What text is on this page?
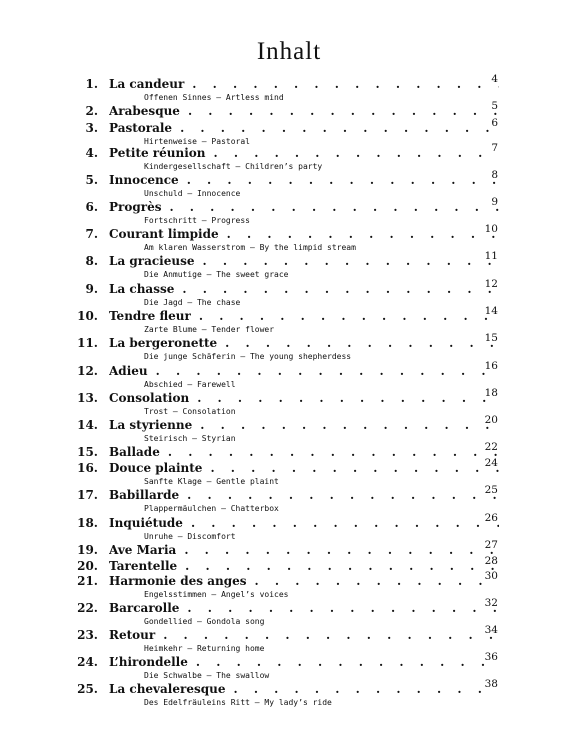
Inhalt
1. La candeur . . .	4
Offenen Sinnes – Artless mind
2. Arabesque . . .	5
3. Pastorale . . .	6
Hirtenweise – Pastoral
4. Petite réunion . . .	7
Kindergesellschaft – Children’s party
5. Innocence . . .	8
Unschuld – Innocence
6. Progrès . . .	9
Fortschritt – Progress
7. Courant limpide . . .	10
Am klaren Wasserstrom – By the limpid stream
8. La gracieuse . . .	11
Die Anmutige – The sweet grace
9. La chasse . . .	12
Die Jagd – The chase
10. Tendre fleur . . .	14
Zarte Blume – Tender flower
11. La bergeronette . . .	15
Die junge Schäferin – The young shepherdess
12. Adieu . . .	16
Abschied – Farewell
13. Consolation . . .	18
Trost – Consolation
14. La styrienne . . .	20
Steirisch – Styrian
15. Ballade . . .	22
16. Douce plainte . . .	24
Sanfte Klage – Gentle plaint
17. Babillarde . . .	25
Plappermäulchen – Chatterbox
18. Inquiétude . . .	26
Unruhe – Discomfort
19. Ave Maria . . .	27
20. Tarentelle . . .	28
21. Harmonie des anges . . .	30
Engelsstimmen – Angel’s voices
22. Barcarolle . . .	32
Gondellied – Gondola song
23. Retour . . .	34
Heimkehr – Returning home
24. L’hirondelle . . .	36
Die Schwalbe – The swallow
25. La chevaleresque . . .	38
Des Edelfräuleins Ritt – My lady’s ride
